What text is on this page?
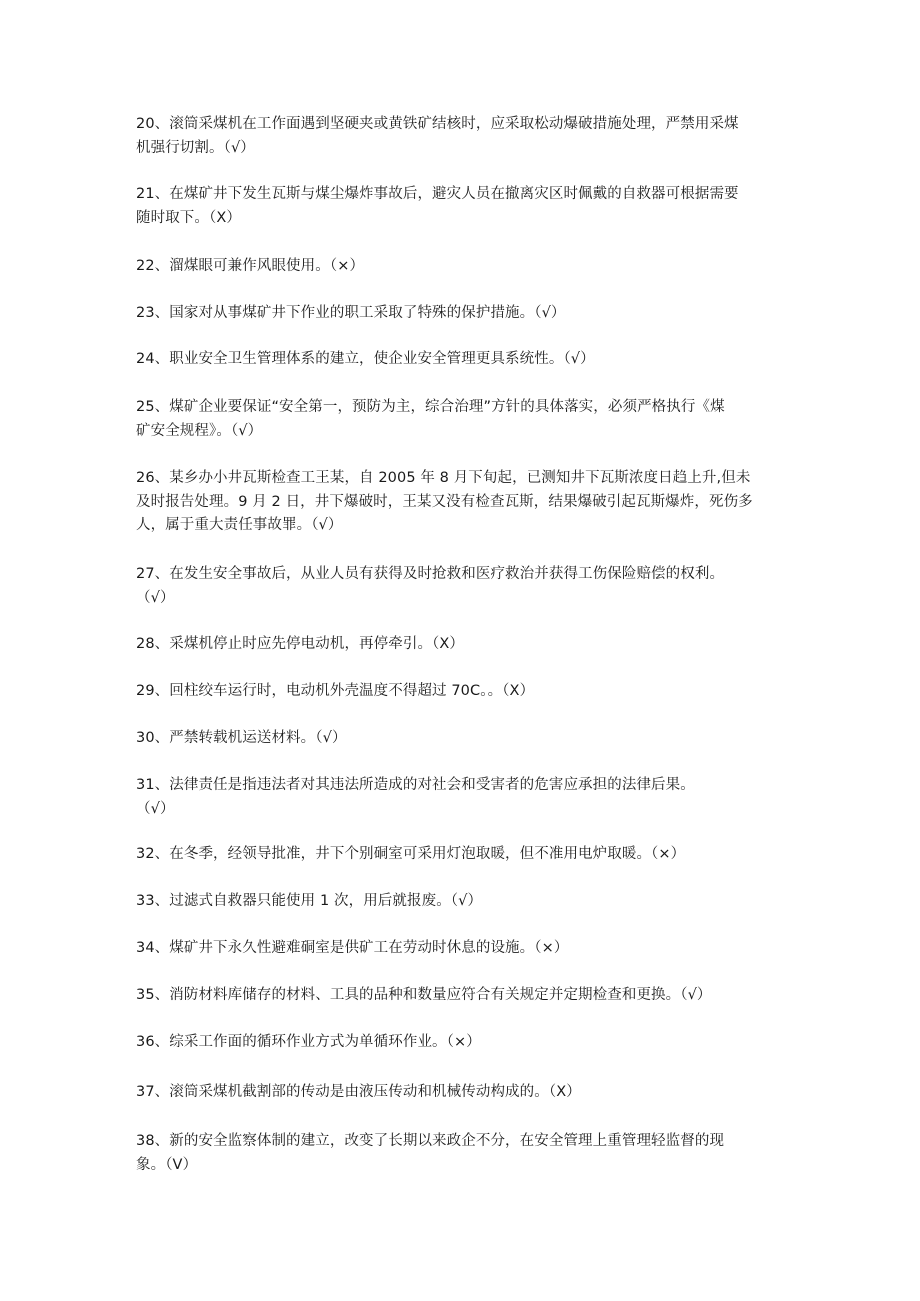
20、滚筒采煤机在工作面遇到坚硬夹或黄铁矿结核时，应采取松动爆破措施处理，严禁用采煤
机强行切割。（√）
21、在煤矿井下发生瓦斯与煤尘爆炸事故后，避灾人员在撤离灾区时佩戴的自救器可根据需要
随时取下。（X）
22、溜煤眼可兼作风眼使用。（×）
23、国家对从事煤矿井下作业的职工采取了特殊的保护措施。（√）
24、职业安全卫生管理体系的建立，使企业安全管理更具系统性。（√）
25、煤矿企业要保证“安全第一，预防为主，综合治理”方针的具体落实，必须严格执行《煤
矿安全规程》。（√）
26、某乡办小井瓦斯检查工王某，自 2005 年 8 月下旬起，已测知井下瓦斯浓度日趋上升,但未
及时报告处理。9 月 2 日，井下爆破时，王某又没有检查瓦斯，结果爆破引起瓦斯爆炸，死伤多
人，属于重大责任事故罪。（√）
27、在发生安全事故后，从业人员有获得及时抢救和医疗救治并获得工伤保险赔偿的权利。
（√）
28、采煤机停止时应先停电动机，再停牵引。（X）
29、回柱绞车运行时，电动机外壳温度不得超过 70C。。（X）
30、严禁转载机运送材料。（√）
31、法律责任是指违法者对其违法所造成的对社会和受害者的危害应承担的法律后果。
（√）
32、在冬季，经领导批准，井下个别硐室可采用灯泡取暖，但不准用电炉取暖。（×）
33、过滤式自救器只能使用 1 次，用后就报废。（√）
34、煤矿井下永久性避难硐室是供矿工在劳动时休息的设施。（×）
35、消防材料库储存的材料、工具的品种和数量应符合有关规定并定期检查和更换。（√）
36、综采工作面的循环作业方式为单循环作业。（×）
37、滚筒采煤机截割部的传动是由液压传动和机械传动构成的。（X）
38、新的安全监察体制的建立，改变了长期以来政企不分，在安全管理上重管理轻监督的现
象。（V）
